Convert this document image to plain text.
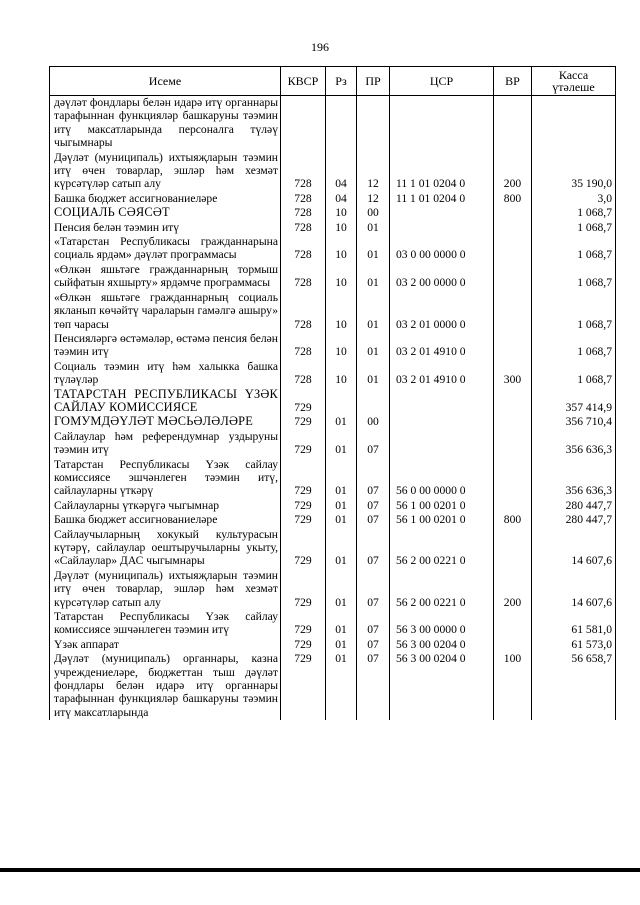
196
Исеме	КВСР	Рз	ПР	ЦСР	ВР	Касса
үтәлеше
дәүләт фондлары белән идарә итү органнары тарафыннан функцияләр башкаруны тәэмин итү максатларында персоналга түләү чыгымнары						
Дәүләт (муниципаль) ихтыяҗларын тәэмин итү өчен товарлар, эшләр һәм хезмәт күрсәтүләр сатып алу	728	04	12	11 1 01 0204 0	200	35 190,0
Башка бюджет ассигнованиеләре	728	04	12	11 1 01 0204 0	800	3,0
СОЦИАЛЬ СӘЯСӘТ	728	10	00			1 068,7
Пенсия белән тәэмин итү	728	10	01			1 068,7
«Татарстан Республикасы гражданнарына социаль ярдәм» дәүләт программасы	728	10	01	03 0 00 0000 0		1 068,7
«Өлкән яшьтәге гражданнарның тормыш сыйфатын яхшырту» ярдәмче программасы	728	10	01	03 2 00 0000 0		1 068,7
«Өлкән яшьтәге гражданнарның социаль якланып көчәйтү чараларын гамәлгә ашыру» төп чарасы	728	10	01	03 2 01 0000 0		1 068,7
Пенсияләргә өстәмәләр, өстәмә пенсия белән тәэмин итү	728	10	01	03 2 01 4910 0		1 068,7
Социаль тәэмин итү һәм халыкка башка түләүләр	728	10	01	03 2 01 4910 0	300	1 068,7
ТАТАРСТАН РЕСПУБЛИКАСЫ ҮЗӘК САЙЛАУ КОМИССИЯСЕ	729					357 414,9
ГОМУМДӘҮЛӘТ МӘСЬӘЛӘЛӘРЕ	729	01	00			356 710,4
Сайлаулар һәм референдумнар уздыруны тәэмин итү	729	01	07			356 636,3
Татарстан Республикасы Үзәк сайлау комиссиясе эшчәнлеген тәэмин итү, сайлауларны үткәрү	729	01	07	56 0 00 0000 0		356 636,3
Сайлауларны үткәрүгә чыгымнар	729	01	07	56 1 00 0201 0		280 447,7
Башка бюджет ассигнованиеләре	729	01	07	56 1 00 0201 0	800	280 447,7
Сайлаучыларның хокукый культурасын күтәрү, сайлаулар оештыручыларны укыту, «Сайлаулар» ДАС чыгымнары	729	01	07	56 2 00 0221 0		14 607,6
Дәүләт (муниципаль) ихтыяҗларын тәэмин итү өчен товарлар, эшләр һәм хезмәт күрсәтүләр сатып алу	729	01	07	56 2 00 0221 0	200	14 607,6
Татарстан Республикасы Үзәк сайлау комиссиясе эшчәнлеген тәэмин итү	729	01	07	56 3 00 0000 0		61 581,0
Үзәк аппарат	729	01	07	56 3 00 0204 0		61 573,0
Дәүләт (муниципаль) органнары, казна учреждениеләре, бюджеттан тыш дәүләт фондлары белән идарә итү органнары тарафыннан функцияләр башкаруны тәэмин итү максатларында	729	01	07	56 3 00 0204 0	100	56 658,7
